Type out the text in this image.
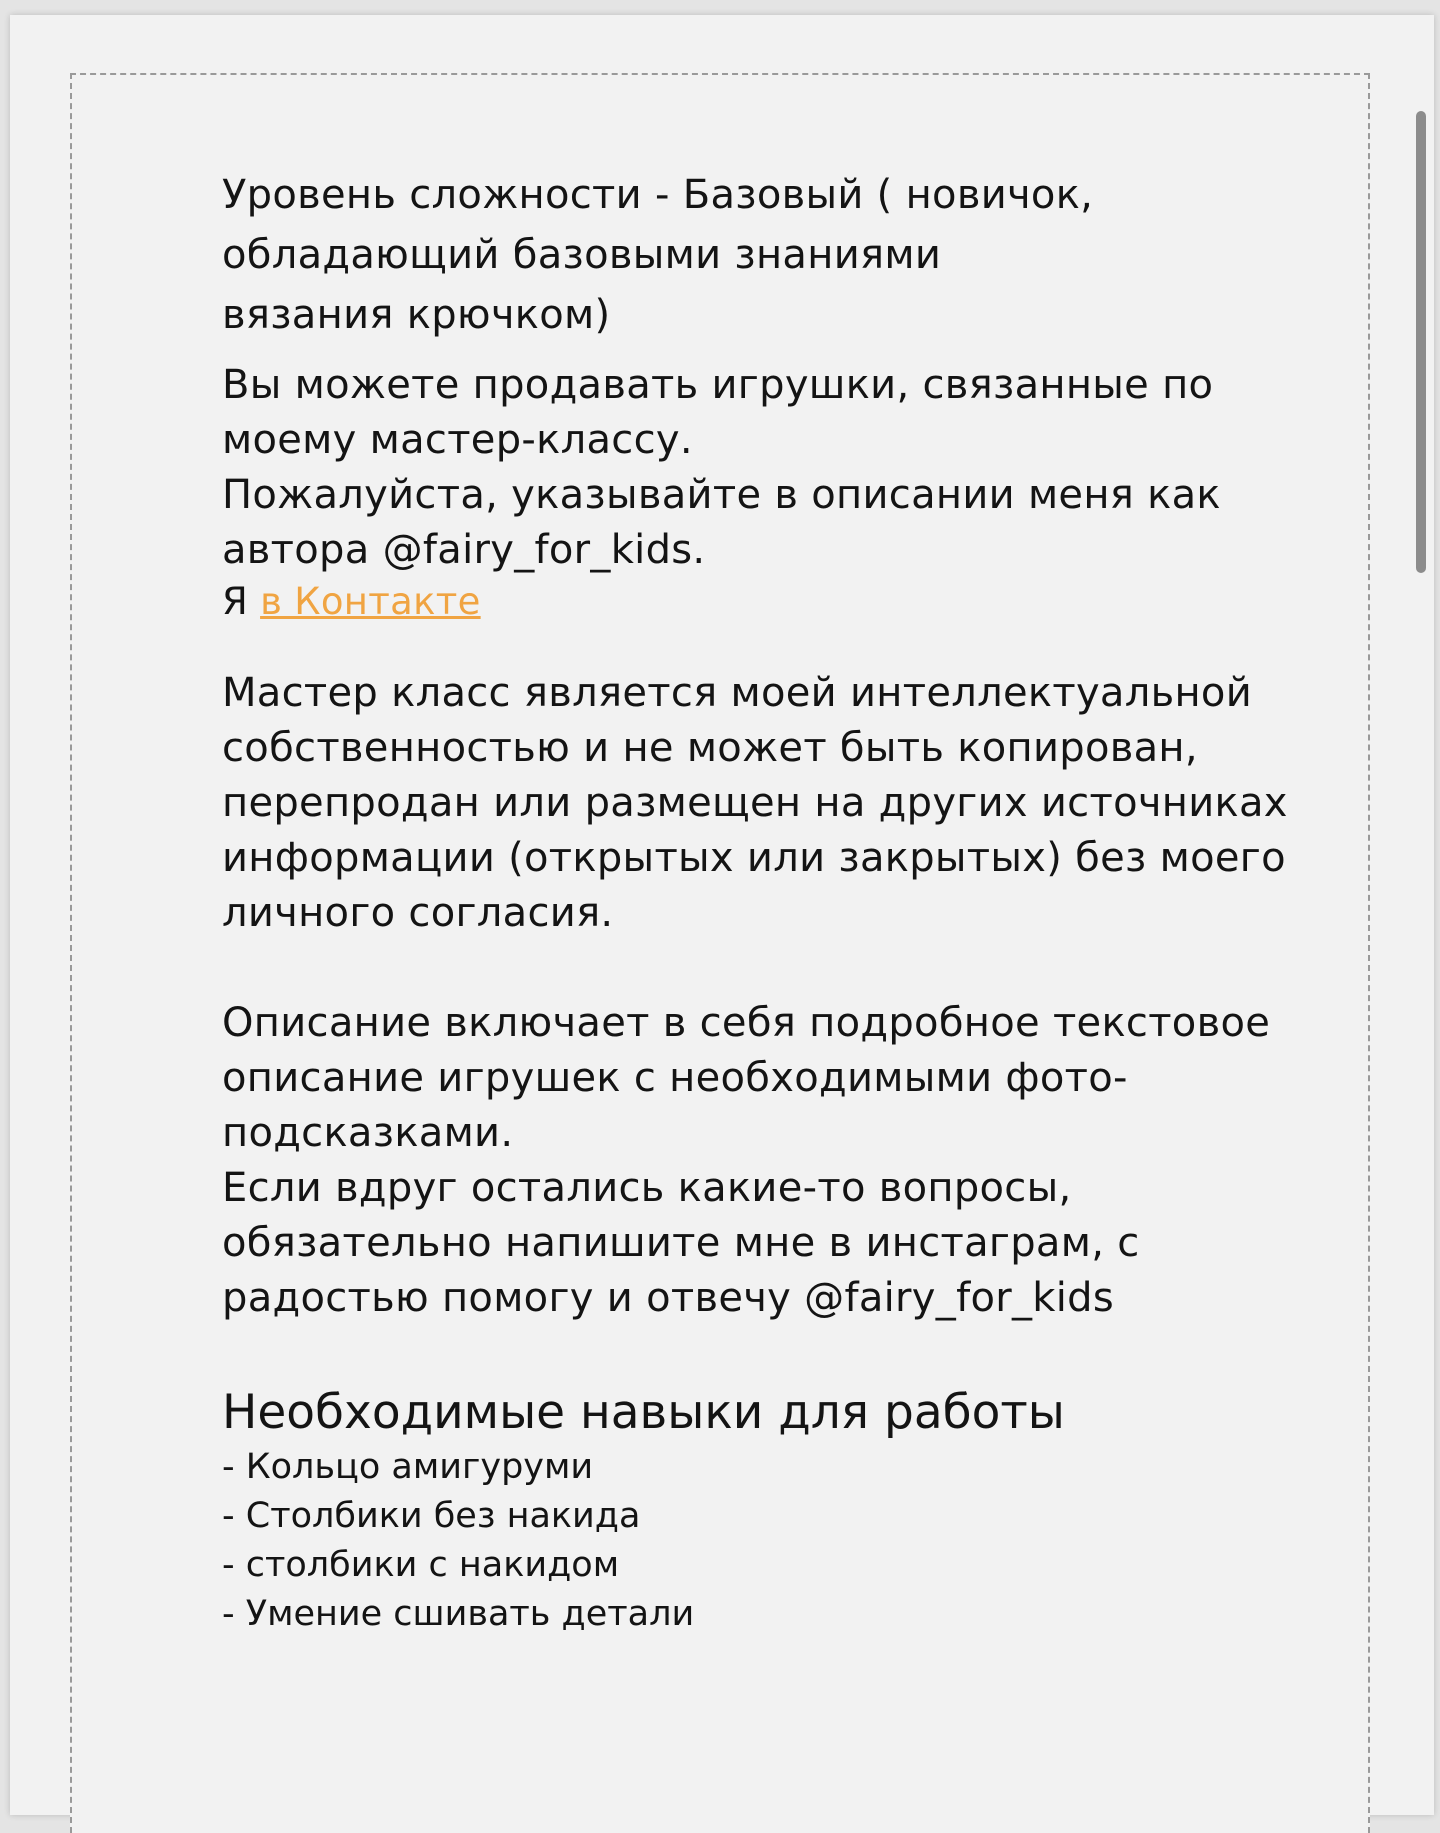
Уровень сложности - Базовый ( новичок,
обладающий базовыми знаниями
вязания крючком)

Вы можете продавать игрушки, связанные по
моему мастер-классу.
Пожалуйста, указывайте в описании меня как
автора @fairy_for_kids.
Я в Контакте

Мастер класс является моей интеллектуальной
собственностью и не может быть копирован,
перепродан или размещен на других источниках
информации (открытых или закрытых) без моего
личного согласия.

Описание включает в себя подробное текстовое
описание игрушек с необходимыми фото-
подсказками.
Если вдруг остались какие-то вопросы,
обязательно напишите мне в инстаграм, с
радостью помогу и отвечу @fairy_for_kids

Необходимые навыки для работы
- Кольцо амигуруми
- Столбики без накида
- столбики с накидом
- Умение сшивать детали
